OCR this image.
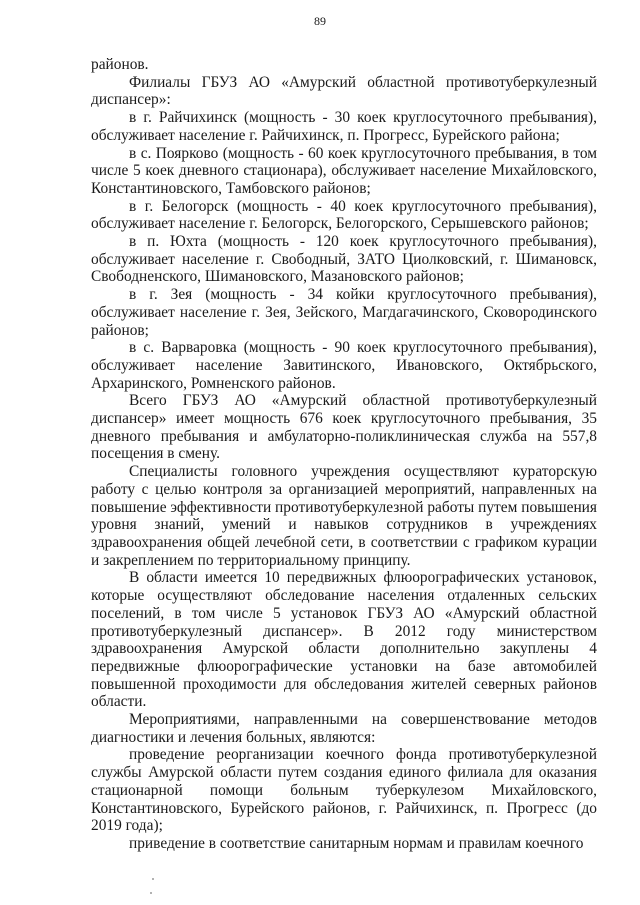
89

районов.

Филиалы ГБУЗ АО «Амурский областной противотуберкулезный диспансер»:

в г. Райчихинск (мощность - 30 коек круглосуточного пребывания), обслуживает население г. Райчихинск, п. Прогресс, Бурейского района;

в с. Поярково (мощность - 60 коек круглосуточного пребывания, в том числе 5 коек дневного стационара), обслуживает население Михайловского, Константиновского, Тамбовского районов;

в г. Белогорск (мощность - 40 коек круглосуточного пребывания), обслуживает население г. Белогорск, Белогорского, Серышевского районов;

в п. Юхта (мощность - 120 коек круглосуточного пребывания), обслуживает население г. Свободный, ЗАТО Циолковский, г. Шимановск, Свободненского, Шимановского, Мазановского районов;

в г. Зея (мощность - 34 койки круглосуточного пребывания), обслуживает население г. Зея, Зейского, Магдагачинского, Сковородинского районов;

в с. Варваровка (мощность - 90 коек круглосуточного пребывания), обслуживает население Завитинского, Ивановского, Октябрьского, Архаринского, Ромненского районов.

Всего ГБУЗ АО «Амурский областной противотуберкулезный диспансер» имеет мощность 676 коек круглосуточного пребывания, 35 дневного пребывания и амбулаторно-поликлиническая служба на 557,8 посещения в смену.

Специалисты головного учреждения осуществляют кураторскую работу с целью контроля за организацией мероприятий, направленных на повышение эффективности противотуберкулезной работы путем повышения уровня знаний, умений и навыков сотрудников в учреждениях здравоохранения общей лечебной сети, в соответствии с графиком курации и закреплением по территориальному принципу.

В области имеется 10 передвижных флюорографических установок, которые осуществляют обследование населения отдаленных сельских поселений, в том числе 5 установок ГБУЗ АО «Амурский областной противотуберкулезный диспансер». В 2012 году министерством здравоохранения Амурской области дополнительно закуплены 4 передвижные флюорографические установки на базе автомобилей повышенной проходимости для обследования жителей северных районов области.

Мероприятиями, направленными на совершенствование методов диагностики и лечения больных, являются:

проведение реорганизации коечного фонда противотуберкулезной службы Амурской области путем создания единого филиала для оказания стационарной помощи больным туберкулезом Михайловского, Константиновского, Бурейского районов, г. Райчихинск, п. Прогресс (до 2019 года);

приведение в соответствие санитарным нормам и правилам коечного
